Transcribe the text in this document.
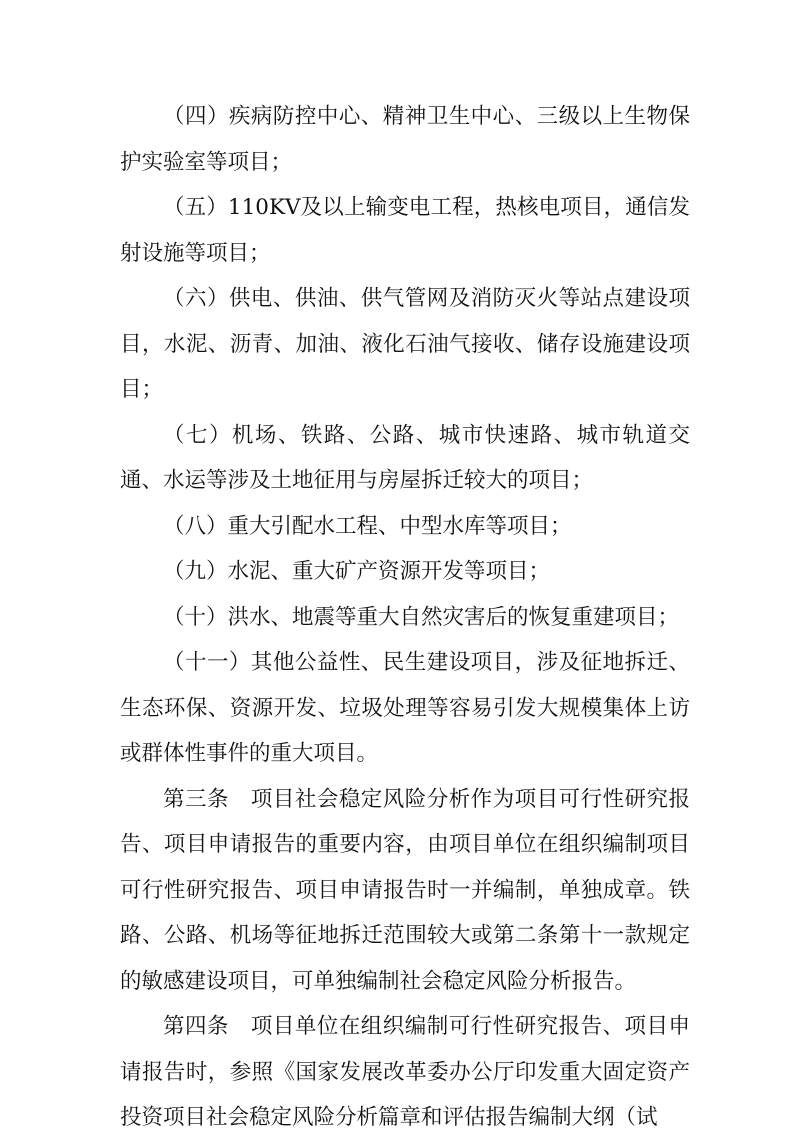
（四）疾病防控中心、精神卫生中心、三级以上生物保护实验室等项目；

（五）110KV及以上输变电工程，热核电项目，通信发射设施等项目；

（六）供电、供油、供气管网及消防灭火等站点建设项目，水泥、沥青、加油、液化石油气接收、储存设施建设项目；

（七）机场、铁路、公路、城市快速路、城市轨道交通、水运等涉及土地征用与房屋拆迁较大的项目；

（八）重大引配水工程、中型水库等项目；

（九）水泥、重大矿产资源开发等项目；

（十）洪水、地震等重大自然灾害后的恢复重建项目；

（十一）其他公益性、民生建设项目，涉及征地拆迁、生态环保、资源开发、垃圾处理等容易引发大规模集体上访或群体性事件的重大项目。

第三条　项目社会稳定风险分析作为项目可行性研究报告、项目申请报告的重要内容，由项目单位在组织编制项目可行性研究报告、项目申请报告时一并编制，单独成章。铁路、公路、机场等征地拆迁范围较大或第二条第十一款规定的敏感建设项目，可单独编制社会稳定风险分析报告。

第四条　项目单位在组织编制可行性研究报告、项目申请报告时，参照《国家发展改革委办公厅印发重大固定资产投资项目社会稳定风险分析篇章和评估报告编制大纲（试
